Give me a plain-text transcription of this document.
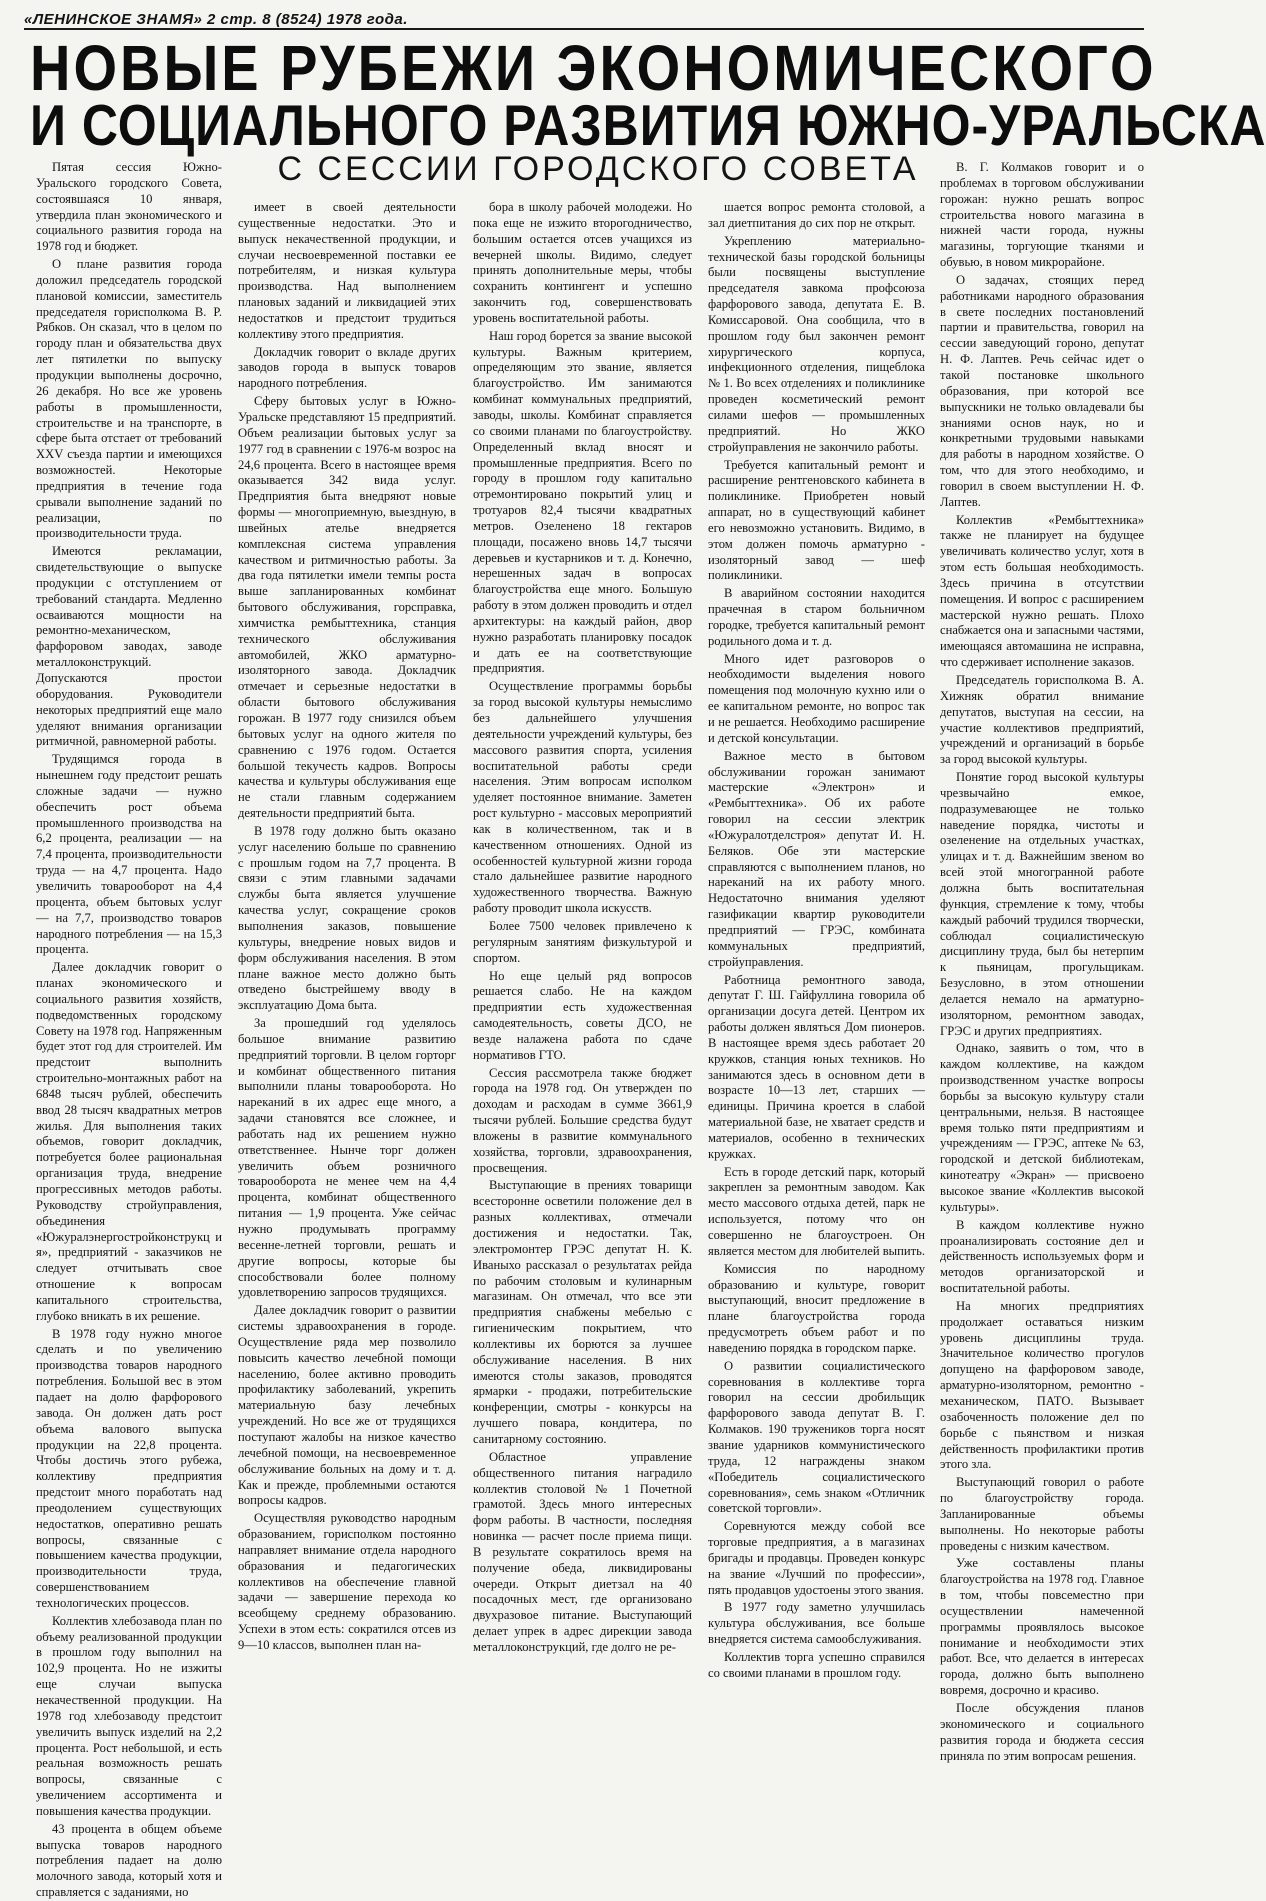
«ЛЕНИНСКОЕ ЗНАМЯ» 2 стр. 8 (8524) 1978 года.
НОВЫЕ РУБЕЖИ ЭКОНОМИЧЕСКОГО
И СОЦИАЛЬНОГО РАЗВИТИЯ ЮЖНО-УРАЛЬСКА
С СЕССИИ ГОРОДСКОГО СОВЕТА

Пятая сессия Южно-Уральского городского Совета, состоявшаяся 10 января, утвердила план экономического и социального развития города на 1978 год и бюджет.

О плане развития города доложил председатель городской плановой комиссии, заместитель председателя горисполкома В. Р. Рябков. Он сказал, что в целом по городу план и обязательства двух лет пятилетки по выпуску продукции выполнены досрочно, 26 декабря. Но все же уровень работы в промышленности, строительстве и на транспорте, в сфере быта отстает от требований XXV съезда партии и имеющихся возможностей. Некоторые предприятия в течение года срывали выполнение заданий по реализации, по производительности труда.

Имеются рекламации, свидетельствующие о выпуске продукции с отступлением от требований стандарта. Медленно осваиваются мощности на ремонтно-механическом, фарфоровом заводах, заводе металлоконструкций. Допускаются простои оборудования. Руководители некоторых предприятий еще мало уделяют внимания организации ритмичной, равномерной работы.

Трудящимся города в нынешнем году предстоит решать сложные задачи — нужно обеспечить рост объема промышленного производства на 6,2 процента, реализации — на 7,4 процента, производительности труда — на 4,7 процента. Надо увеличить товарооборот на 4,4 процента, объем бытовых услуг — на 7,7, производство товаров народного потребления — на 15,3 процента.

Далее докладчик говорит о планах экономического и социального развития хозяйств, подведомственных городскому Совету на 1978 год. Напряженным будет этот год для строителей. Им предстоит выполнить строительно-монтажных работ на 6848 тысяч рублей, обеспечить ввод 28 тысяч квадратных метров жилья. Для выполнения таких объемов, говорит докладчик, потребуется более рациональная организация труда, внедрение прогрессивных методов работы. Руководству стройуправления, объединения «Южуралэнергостройконструкц и я», предприятий - заказчиков не следует отчитывать свое отношение к вопросам капитального строительства, глубоко вникать в их решение.

В 1978 году нужно многое сделать и по увеличению производства товаров народного потребления. Большой вес в этом падает на долю фарфорового завода. Он должен дать рост объема валового выпуска продукции на 22,8 процента. Чтобы достичь этого рубежа, коллективу предприятия предстоит много поработать над преодолением существующих недостатков, оперативно решать вопросы, связанные с повышением качества продукции, производительности труда, совершенствованием технологических процессов.

Коллектив хлебозавода план по объему реализованной продукции в прошлом году выполнил на 102,9 процента. Но не изжиты еще случаи выпуска некачественной продукции. На 1978 год хлебозаводу предстоит увеличить выпуск изделий на 2,2 процента. Рост небольшой, и есть реальная возможность решать вопросы, связанные с увеличением ассортимента и повышения качества продукции.

43 процента в общем объеме выпуска товаров народного потребления падает на долю молочного завода, который хотя и справляется с заданиями, но

имеет в своей деятельности существенные недостатки. Это и выпуск некачественной продукции, и случаи несвоевременной поставки ее потребителям, и низкая культура производства. Над выполнением плановых заданий и ликвидацией этих недостатков и предстоит трудиться коллективу этого предприятия.

Докладчик говорит о вкладе других заводов города в выпуск товаров народного потребления.

Сферу бытовых услуг в Южно-Уральске представляют 15 предприятий. Объем реализации бытовых услуг за 1977 год в сравнении с 1976-м возрос на 24,6 процента. Всего в настоящее время оказывается 342 вида услуг. Предприятия быта внедряют новые формы — многоприемную, выездную, в швейных ателье внедряется комплексная система управления качеством и ритмичностью работы. За два года пятилетки имели темпы роста выше запланированных комбинат бытового обслуживания, горсправка, химчистка рембыттехника, станция технического обслуживания автомобилей, ЖКО арматурно-изоляторного завода. Докладчик отмечает и серьезные недостатки в области бытового обслуживания горожан. В 1977 году снизился объем бытовых услуг на одного жителя по сравнению с 1976 годом. Остается большой текучесть кадров. Вопросы качества и культуры обслуживания еще не стали главным содержанием деятельности предприятий быта.

В 1978 году должно быть оказано услуг населению больше по сравнению с прошлым годом на 7,7 процента. В связи с этим главными задачами службы быта является улучшение качества услуг, сокращение сроков выполнения заказов, повышение культуры, внедрение новых видов и форм обслуживания населения. В этом плане важное место должно быть отведено быстрейшему вводу в эксплуатацию Дома быта.

За прошедший год уделялось большое внимание развитию предприятий торговли. В целом горторг и комбинат общественного питания выполнили планы товарооборота. Но нареканий в их адрес еще много, а задачи становятся все сложнее, и работать над их решением нужно ответственнее. Нынче торг должен увеличить объем розничного товарооборота не менее чем на 4,4 процента, комбинат общественного питания — 1,9 процента. Уже сейчас нужно продумывать программу весенне-летней торговли, решать и другие вопросы, которые бы способствовали более полному удовлетворению запросов трудящихся.

Далее докладчик говорит о развитии системы здравоохранения в городе. Осуществление ряда мер позволило повысить качество лечебной помощи населению, более активно проводить профилактику заболеваний, укрепить материальную базу лечебных учреждений. Но все же от трудящихся поступают жалобы на низкое качество лечебной помощи, на несвоевременное обслуживание больных на дому и т. д. Как и прежде, проблемными остаются вопросы кадров.

Осуществляя руководство народным образованием, горисполком постоянно направляет внимание отдела народного образования и педагогических коллективов на обеспечение главной задачи — завершение перехода ко всеобщему среднему образованию. Успехи в этом есть: сократился отсев из 9—10 классов, выполнен план на-

бора в школу рабочей молодежи. Но пока еще не изжито второгодничество, большим остается отсев учащихся из вечерней школы. Видимо, следует принять дополнительные меры, чтобы сохранить контингент и успешно закончить год, совершенствовать уровень воспитательной работы.

Наш город борется за звание высокой культуры. Важным критерием, определяющим это звание, является благоустройство. Им занимаются комбинат коммунальных предприятий, заводы, школы. Комбинат справляется со своими планами по благоустройству. Определенный вклад вносят и промышленные предприятия. Всего по городу в прошлом году капитально отремонтировано покрытий улиц и тротуаров 82,4 тысячи квадратных метров. Озеленено 18 гектаров площади, посажено вновь 14,7 тысячи деревьев и кустарников и т. д. Конечно, нерешенных задач в вопросах благоустройства еще много. Большую работу в этом должен проводить и отдел архитектуры: на каждый район, двор нужно разработать планировку посадок и дать ее на соответствующие предприятия.

Осуществление программы борьбы за город высокой культуры немыслимо без дальнейшего улучшения деятельности учреждений культуры, без массового развития спорта, усиления воспитательной работы среди населения. Этим вопросам исполком уделяет постоянное внимание. Заметен рост культурно - массовых мероприятий как в количественном, так и в качественном отношениях. Одной из особенностей культурной жизни города стало дальнейшее развитие народного художественного творчества. Важную работу проводит школа искусств.

Более 7500 человек привлечено к регулярным занятиям физкультурой и спортом.

Но еще целый ряд вопросов решается слабо. Не на каждом предприятии есть художественная самодеятельность, советы ДСО, не везде налажена работа по сдаче нормативов ГТО.

Сессия рассмотрела также бюджет города на 1978 год. Он утвержден по доходам и расходам в сумме 3661,9 тысячи рублей. Большие средства будут вложены в развитие коммунального хозяйства, торговли, здравоохранения, просвещения.

Выступающие в прениях товарищи всесторонне осветили положение дел в разных коллективах, отмечали достижения и недостатки. Так, электромонтер ГРЭС депутат Н. К. Иваныхо рассказал о результатах рейда по рабочим столовым и кулинарным магазинам. Он отмечал, что все эти предприятия снабжены мебелью с гигиеническим покрытием, что коллективы их борются за лучшее обслуживание населения. В них имеются столы заказов, проводятся ярмарки - продажи, потребительские конференции, смотры - конкурсы на лучшего повара, кондитера, по санитарному состоянию.

Областное управление общественного питания наградило коллектив столовой № 1 Почетной грамотой. Здесь много интересных форм работы. В частности, последняя новинка — расчет после приема пищи. В результате сократилось время на получение обеда, ликвидированы очереди. Открыт диетзал на 40 посадочных мест, где организовано двухразовое питание. Выступающий делает упрек в адрес дирекции завода металлоконструкций, где долго не ре-

шается вопрос ремонта столовой, а зал диетпитания до сих пор не открыт.

Укреплению материально-технической базы городской больницы были посвящены выступление председателя завкома профсоюза фарфорового завода, депутата Е. В. Комиссаровой. Она сообщила, что в прошлом году был закончен ремонт хирургического корпуса, инфекционного отделения, пищеблока № 1. Во всех отделениях и поликлинике проведен косметический ремонт силами шефов — промышленных предприятий. Но ЖКО стройуправления не закончило работы.

Требуется капитальный ремонт и расширение рентгеновского кабинета в поликлинике. Приобретен новый аппарат, но в существующий кабинет его невозможно установить. Видимо, в этом должен помочь арматурно - изоляторный завод — шеф поликлиники.

В аварийном состоянии находится прачечная в старом больничном городке, требуется капитальный ремонт родильного дома и т. д.

Много идет разговоров о необходимости выделения нового помещения под молочную кухню или о ее капитальном ремонте, но вопрос так и не решается. Необходимо расширение и детской консультации.

Важное место в бытовом обслуживании горожан занимают мастерские «Электрон» и «Рембыттехника». Об их работе говорил на сессии электрик «Южуралотделстроя» депутат И. Н. Беляков. Обе эти мастерские справляются с выполнением планов, но нареканий на их работу много. Недостаточно внимания уделяют газификации квартир руководители предприятий — ГРЭС, комбината коммунальных предприятий, стройуправления.

Работница ремонтного завода, депутат Г. Ш. Гайфуллина говорила об организации досуга детей. Центром их работы должен являться Дом пионеров. В настоящее время здесь работает 20 кружков, станция юных техников. Но занимаются здесь в основном дети в возрасте 10—13 лет, старших — единицы. Причина кроется в слабой материальной базе, не хватает средств и материалов, особенно в технических кружках.

Есть в городе детский парк, который закреплен за ремонтным заводом. Как место массового отдыха детей, парк не используется, потому что он совершенно не благоустроен. Он является местом для любителей выпить.

Комиссия по народному образованию и культуре, говорит выступающий, вносит предложение в плане благоустройства города предусмотреть объем работ и по наведению порядка в городском парке.

О развитии социалистического соревнования в коллективе торга говорил на сессии дробильщик фарфорового завода депутат В. Г. Колмаков. 190 тружеников торга носят звание ударников коммунистического труда, 12 награждены знаком «Победитель социалистического соревнования», семь знаком «Отличник советской торговли».

Соревнуются между собой все торговые предприятия, а в магазинах бригады и продавцы. Проведен конкурс на звание «Лучший по профессии», пять продавцов удостоены этого звания.

В 1977 году заметно улучшилась культура обслуживания, все больше внедряется система самообслуживания.

Коллектив торга успешно справился со своими планами в прошлом году.

В. Г. Колмаков говорит и о проблемах в торговом обслуживании горожан: нужно решать вопрос строительства нового магазина в нижней части города, нужны магазины, торгующие тканями и обувью, в новом микрорайоне.

О задачах, стоящих перед работниками народного образования в свете последних постановлений партии и правительства, говорил на сессии заведующий гороно, депутат Н. Ф. Лаптев. Речь сейчас идет о такой постановке школьного образования, при которой все выпускники не только овладевали бы знаниями основ наук, но и конкретными трудовыми навыками для работы в народном хозяйстве. О том, что для этого необходимо, и говорил в своем выступлении Н. Ф. Лаптев.

Коллектив «Рембыттехника» также не планирует на будущее увеличивать количество услуг, хотя в этом есть большая необходимость. Здесь причина в отсутствии помещения. И вопрос с расширением мастерской нужно решать. Плохо снабжается она и запасными частями, имеющаяся автомашина не исправна, что сдерживает исполнение заказов.

Председатель горисполкома В. А. Хижняк обратил внимание депутатов, выступая на сессии, на участие коллективов предприятий, учреждений и организаций в борьбе за город высокой культуры.

Понятие город высокой культуры чрезвычайно емкое, подразумевающее не только наведение порядка, чистоты и озеленение на отдельных участках, улицах и т. д. Важнейшим звеном во всей этой многогранной работе должна быть воспитательная функция, стремление к тому, чтобы каждый рабочий трудился творчески, соблюдал социалистическую дисциплину труда, был бы нетерпим к пьяницам, прогульщикам. Безусловно, в этом отношении делается немало на арматурно-изоляторном, ремонтном заводах, ГРЭС и других предприятиях.

Однако, заявить о том, что в каждом коллективе, на каждом производственном участке вопросы борьбы за высокую культуру стали центральными, нельзя. В настоящее время только пяти предприятиям и учреждениям — ГРЭС, аптеке № 63, городской и детской библиотекам, кинотеатру «Экран» — присвоено высокое звание «Коллектив высокой культуры».

В каждом коллективе нужно проанализировать состояние дел и действенность используемых форм и методов организаторской и воспитательной работы.

На многих предприятиях продолжает оставаться низким уровень дисциплины труда. Значительное количество прогулов допущено на фарфоровом заводе, арматурно-изоляторном, ремонтно - механическом, ПАТО. Вызывает озабоченность положение дел по борьбе с пьянством и низкая действенность профилактики против этого зла.

Выступающий говорил о работе по благоустройству города. Запланированные объемы выполнены. Но некоторые работы проведены с низким качеством.

Уже составлены планы благоустройства на 1978 год. Главное в том, чтобы повсеместно при осуществлении намеченной программы проявлялось высокое понимание и необходимости этих работ. Все, что делается в интересах города, должно быть выполнено вовремя, досрочно и красиво.

После обсуждения планов экономического и социального развития города и бюджета сессия приняла по этим вопросам решения.
